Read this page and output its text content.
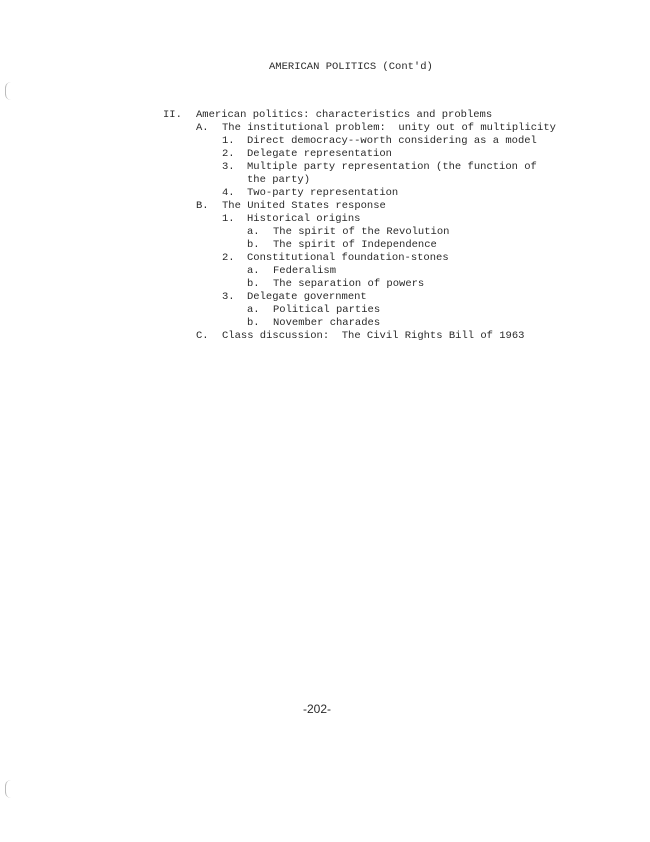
AMERICAN POLITICS (Cont'd)
II. American politics: characteristics and problems
A. The institutional problem:  unity out of multiplicity
1. Direct democracy--worth considering as a model
2. Delegate representation
3. Multiple party representation (the function of
the party)
4. Two-party representation
B. The United States response
1. Historical origins
a. The spirit of the Revolution
b. The spirit of Independence
2. Constitutional foundation-stones
a. Federalism
b. The separation of powers
3. Delegate government
a. Political parties
b. November charades
C. Class discussion:  The Civil Rights Bill of 1963
-202-
